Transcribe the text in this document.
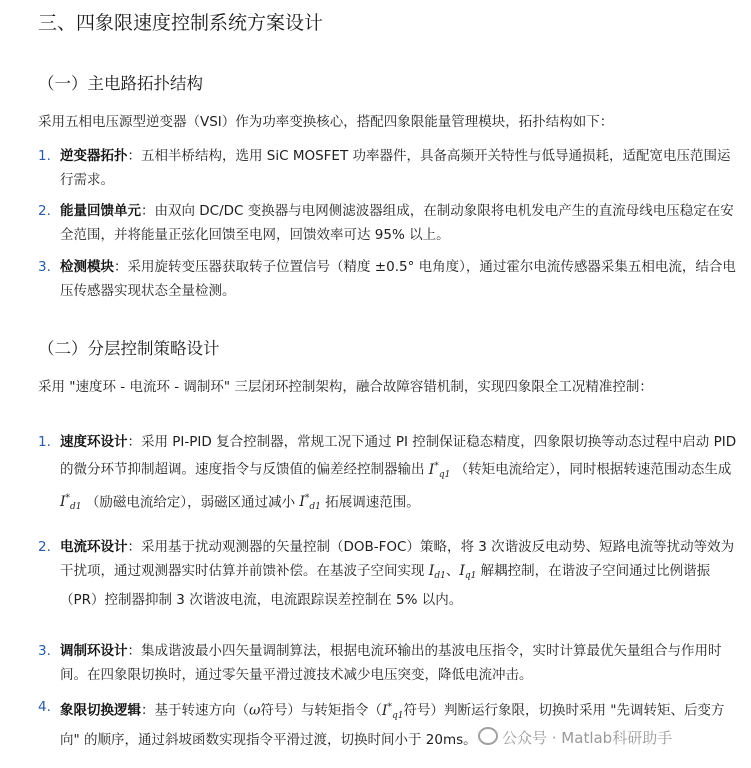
三、四象限速度控制系统方案设计
（一）主电路拓扑结构

采用五相电压源型逆变器（VSI）作为功率变换核心，搭配四象限能量管理模块，拓扑结构如下：

1. 逆变器拓扑：五相半桥结构，选用 SiC MOSFET 功率器件，具备高频开关特性与低导通损耗，适配宽电压范围运行需求。
2. 能量回馈单元：由双向 DC/DC 变换器与电网侧滤波器组成，在制动象限将电机发电产生的直流母线电压稳定在安全范围，并将能量正弦化回馈至电网，回馈效率可达 95% 以上。
3. 检测模块：采用旋转变压器获取转子位置信号（精度 ±0.5° 电角度），通过霍尔电流传感器采集五相电流，结合电压传感器实现状态全量检测。
（二）分层控制策略设计

采用 "速度环 - 电流环 - 调制环" 三层闭环控制架构，融合故障容错机制，实现四象限全工况精准控制：

1. 速度环设计：采用 PI-PID 复合控制器，常规工况下通过 PI 控制保证稳态精度，四象限切换等动态过程中启动 PID 的微分环节抑制超调。速度指令与反馈值的偏差经控制器输出 $I^*_{q1}$ （转矩电流给定），同时根据转速范围动态生成 $I^*_{d1}$ （励磁电流给定），弱磁区通过减小 $I^*_{d1}$ 拓展调速范围。
2. 电流环设计：采用基于扰动观测器的矢量控制（DOB-FOC）策略，将 3 次谐波反电动势、短路电流等扰动等效为干扰项，通过观测器实时估算并前馈补偿。在基波子空间实现 $I_{d1}$、$I_{q1}$ 解耦控制，在谐波子空间通过比例谐振（PR）控制器抑制 3 次谐波电流，电流跟踪误差控制在 5% 以内。
3. 调制环设计：集成谐波最小四矢量调制算法，根据电流环输出的基波电压指令，实时计算最优矢量组合与作用时间。在四象限切换时，通过零矢量平滑过渡技术减少电压突变，降低电流冲击。
4. 象限切换逻辑：基于转速方向（ω符号）与转矩指令（$I^*_{q1}$符号）判断运行象限，切换时采用 "先调转矩、后变方向" 的顺序，通过斜坡函数实现指令平滑过渡，切换时间小于 20ms。	公众号 · Matlab科研助手
